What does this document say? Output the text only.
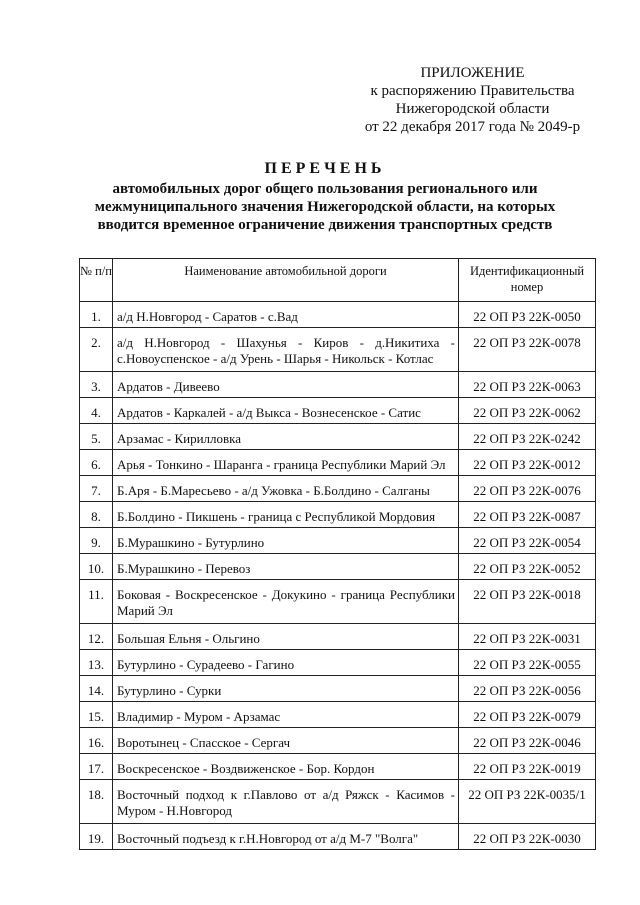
ПРИЛОЖЕНИЕ
к распоряжению Правительства
Нижегородской области
от 22 декабря 2017 года № 2049-р
ПЕРЕЧЕНЬ
автомобильных дорог общего пользования регионального или
межмуниципального значения Нижегородской области, на которых
вводится временное ограничение движения транспортных средств
№ п/п	Наименование автомобильной дороги	Идентификационный номер
1.	а/д Н.Новгород - Саратов - с.Вад	22 ОП РЗ 22К-0050
2.	а/д Н.Новгород - Шахунья - Киров - д.Никитиха - с.Новоуспенское - а/д Урень - Шарья - Никольск - Котлас	22 ОП РЗ 22К-0078
3.	Ардатов - Дивеево	22 ОП РЗ 22К-0063
4.	Ардатов - Каркалей - а/д Выкса - Вознесенское - Сатис	22 ОП РЗ 22К-0062
5.	Арзамас - Кирилловка	22 ОП РЗ 22К-0242
6.	Арья - Тонкино - Шаранга - граница Республики Марий Эл	22 ОП РЗ 22К-0012
7.	Б.Аря - Б.Маресьево - а/д Ужовка - Б.Болдино - Салганы	22 ОП РЗ 22К-0076
8.	Б.Болдино - Пикшень - граница с Республикой Мордовия	22 ОП РЗ 22К-0087
9.	Б.Мурашкино - Бутурлино	22 ОП РЗ 22К-0054
10.	Б.Мурашкино - Перевоз	22 ОП РЗ 22К-0052
11.	Боковая - Воскресенское - Докукино - граница Республики Марий Эл	22 ОП РЗ 22К-0018
12.	Большая Ельня - Ольгино	22 ОП РЗ 22К-0031
13.	Бутурлино - Сурадеево - Гагино	22 ОП РЗ 22К-0055
14.	Бутурлино - Сурки	22 ОП РЗ 22К-0056
15.	Владимир - Муром - Арзамас	22 ОП РЗ 22К-0079
16.	Воротынец - Спасское - Сергач	22 ОП РЗ 22К-0046
17.	Воскресенское - Воздвиженское - Бор. Кордон	22 ОП РЗ 22К-0019
18.	Восточный подход к г.Павлово от а/д Ряжск - Касимов - Муром - Н.Новгород	22 ОП РЗ 22К-0035/1
19.	Восточный подъезд к г.Н.Новгород от а/д М-7 "Волга"	22 ОП РЗ 22К-0030
